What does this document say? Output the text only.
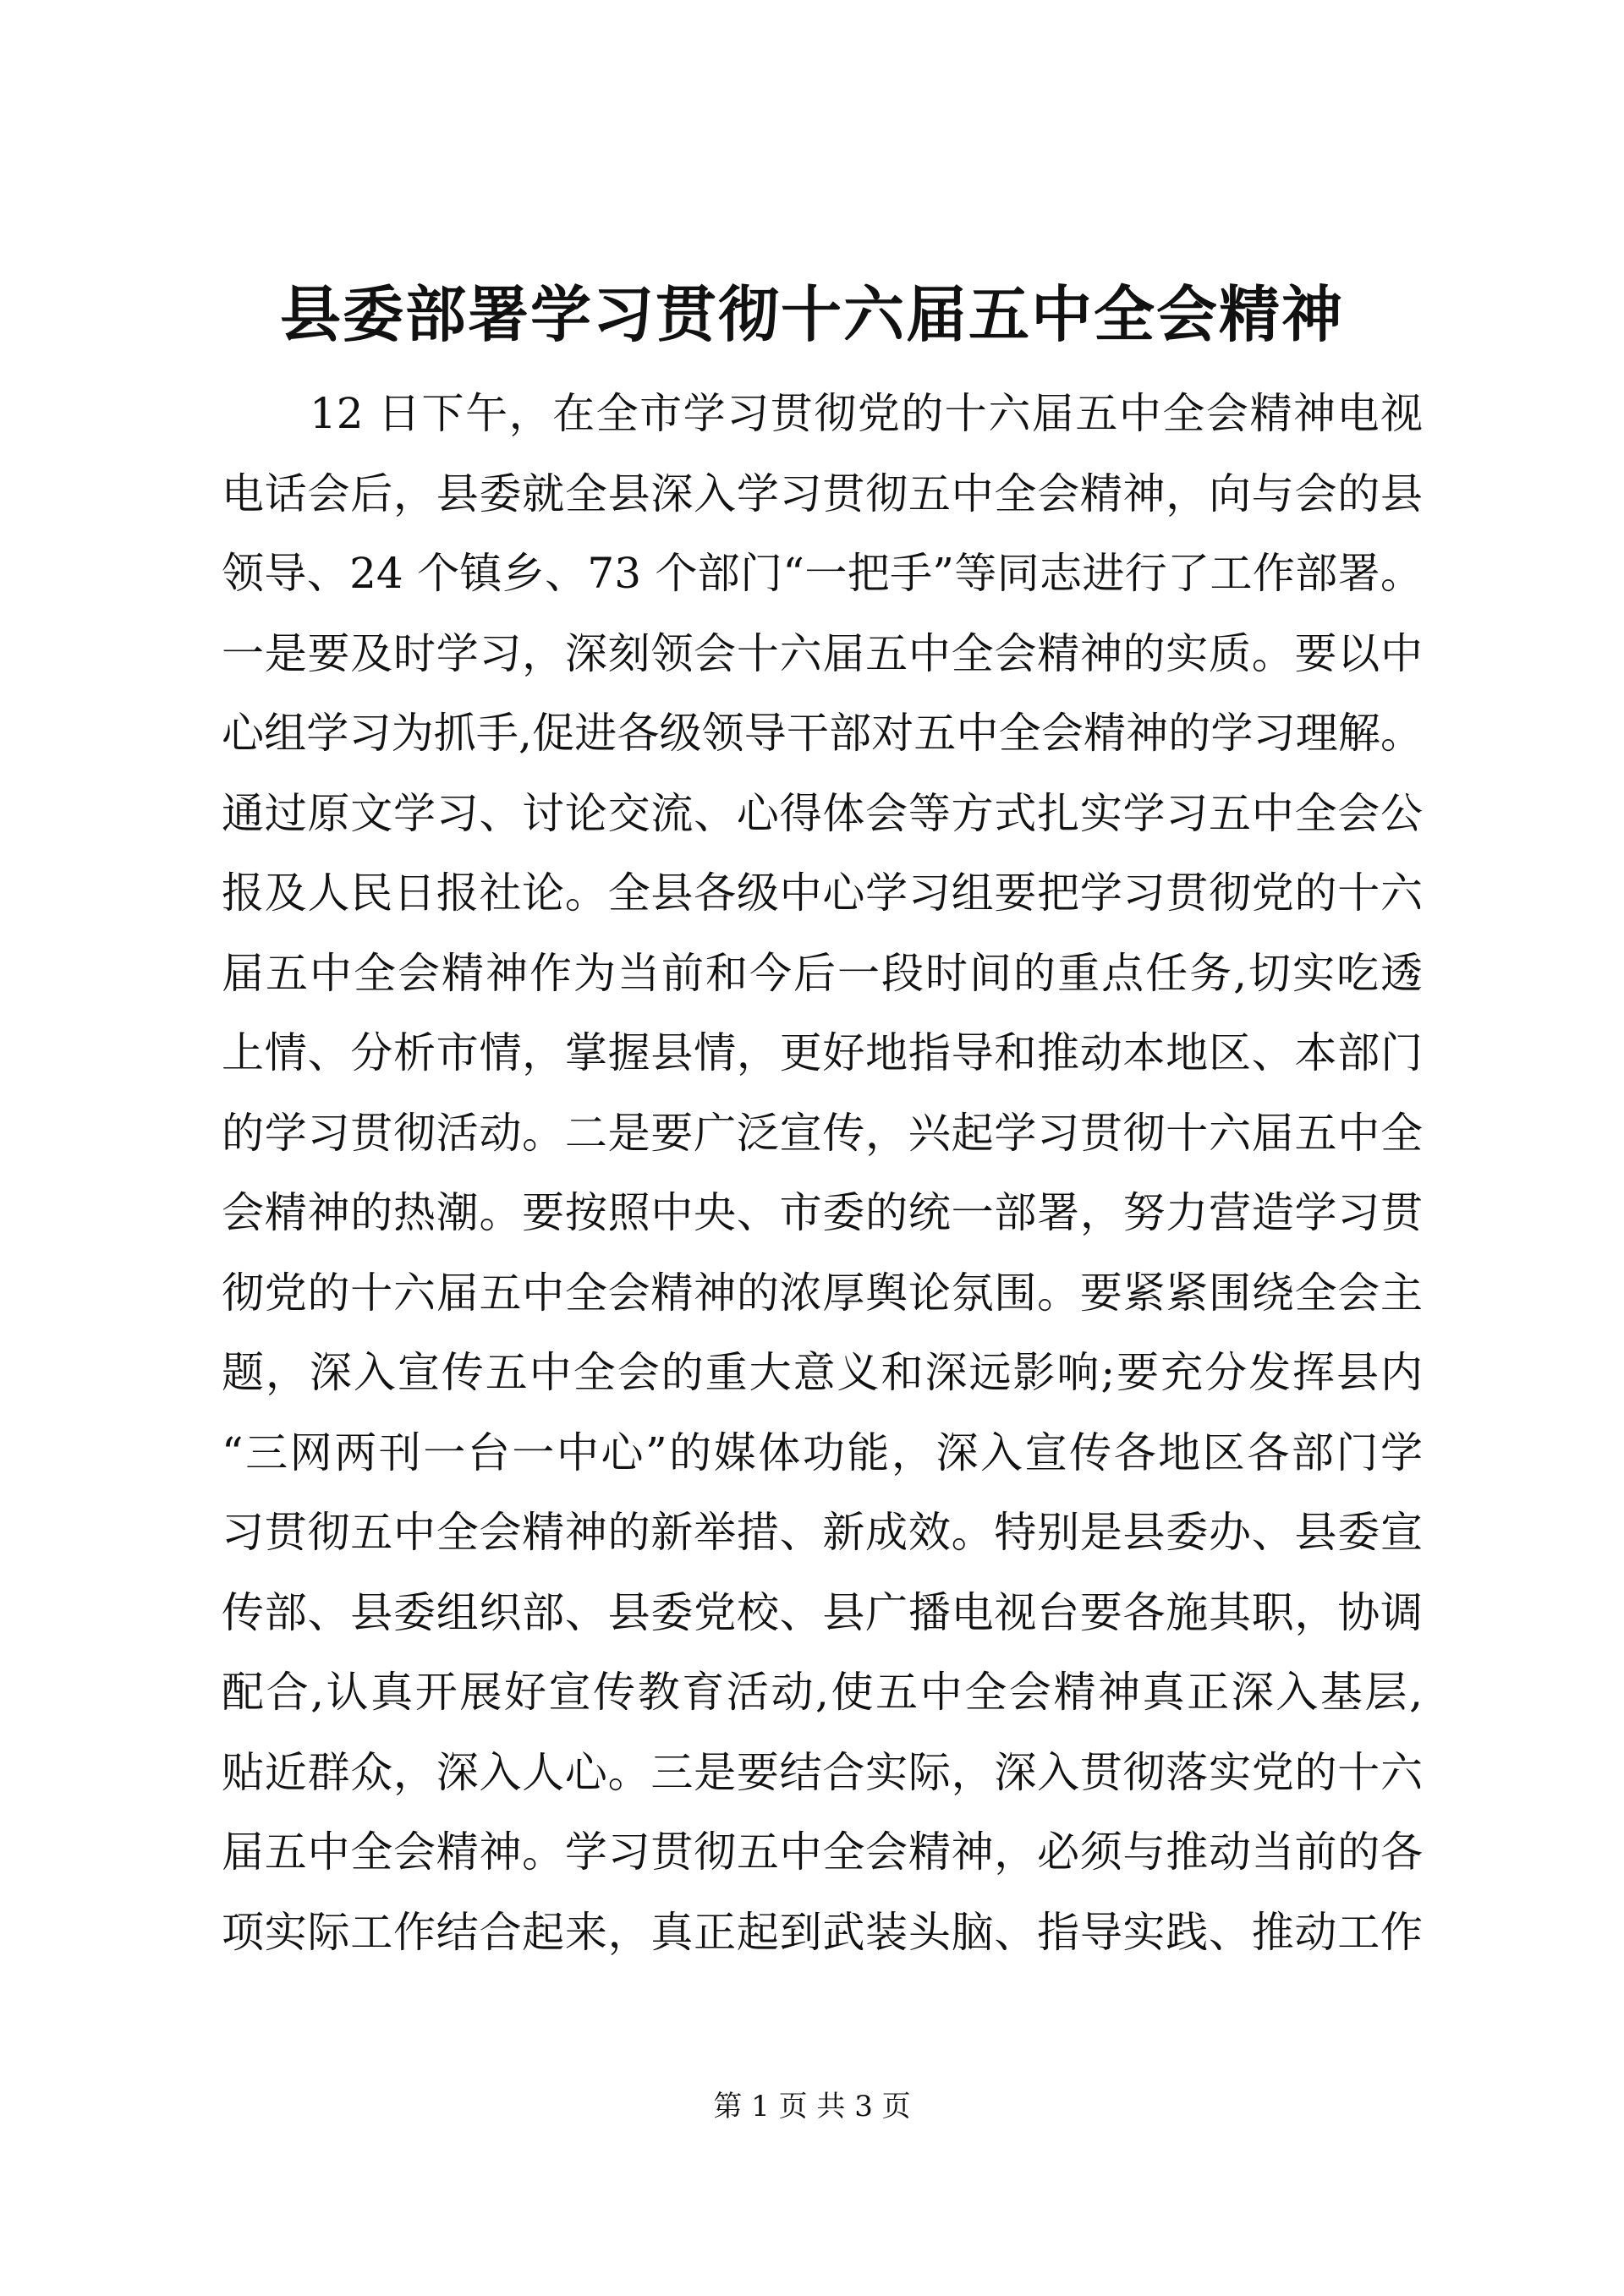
县委部署学习贯彻十六届五中全会精神
12 日下午，在全市学习贯彻党的十六届五中全会精神电视
电话会后，县委就全县深入学习贯彻五中全会精神，向与会的县
领导、24 个镇乡、73 个部门“一把手”等同志进行了工作部署。
一是要及时学习，深刻领会十六届五中全会精神的实质。要以中
心组学习为抓手,促进各级领导干部对五中全会精神的学习理解。
通过原文学习、讨论交流、心得体会等方式扎实学习五中全会公
报及人民日报社论。全县各级中心学习组要把学习贯彻党的十六
届五中全会精神作为当前和今后一段时间的重点任务,切实吃透
上情、分析市情，掌握县情，更好地指导和推动本地区、本部门
的学习贯彻活动。二是要广泛宣传，兴起学习贯彻十六届五中全
会精神的热潮。要按照中央、市委的统一部署，努力营造学习贯
彻党的十六届五中全会精神的浓厚舆论氛围。要紧紧围绕全会主
题，深入宣传五中全会的重大意义和深远影响;要充分发挥县内
“三网两刊一台一中心”的媒体功能，深入宣传各地区各部门学
习贯彻五中全会精神的新举措、新成效。特别是县委办、县委宣
传部、县委组织部、县委党校、县广播电视台要各施其职，协调
配合,认真开展好宣传教育活动,使五中全会精神真正深入基层,
贴近群众，深入人心。三是要结合实际，深入贯彻落实党的十六
届五中全会精神。学习贯彻五中全会精神，必须与推动当前的各
项实际工作结合起来，真正起到武装头脑、指导实践、推动工作
第 1 页 共 3 页
